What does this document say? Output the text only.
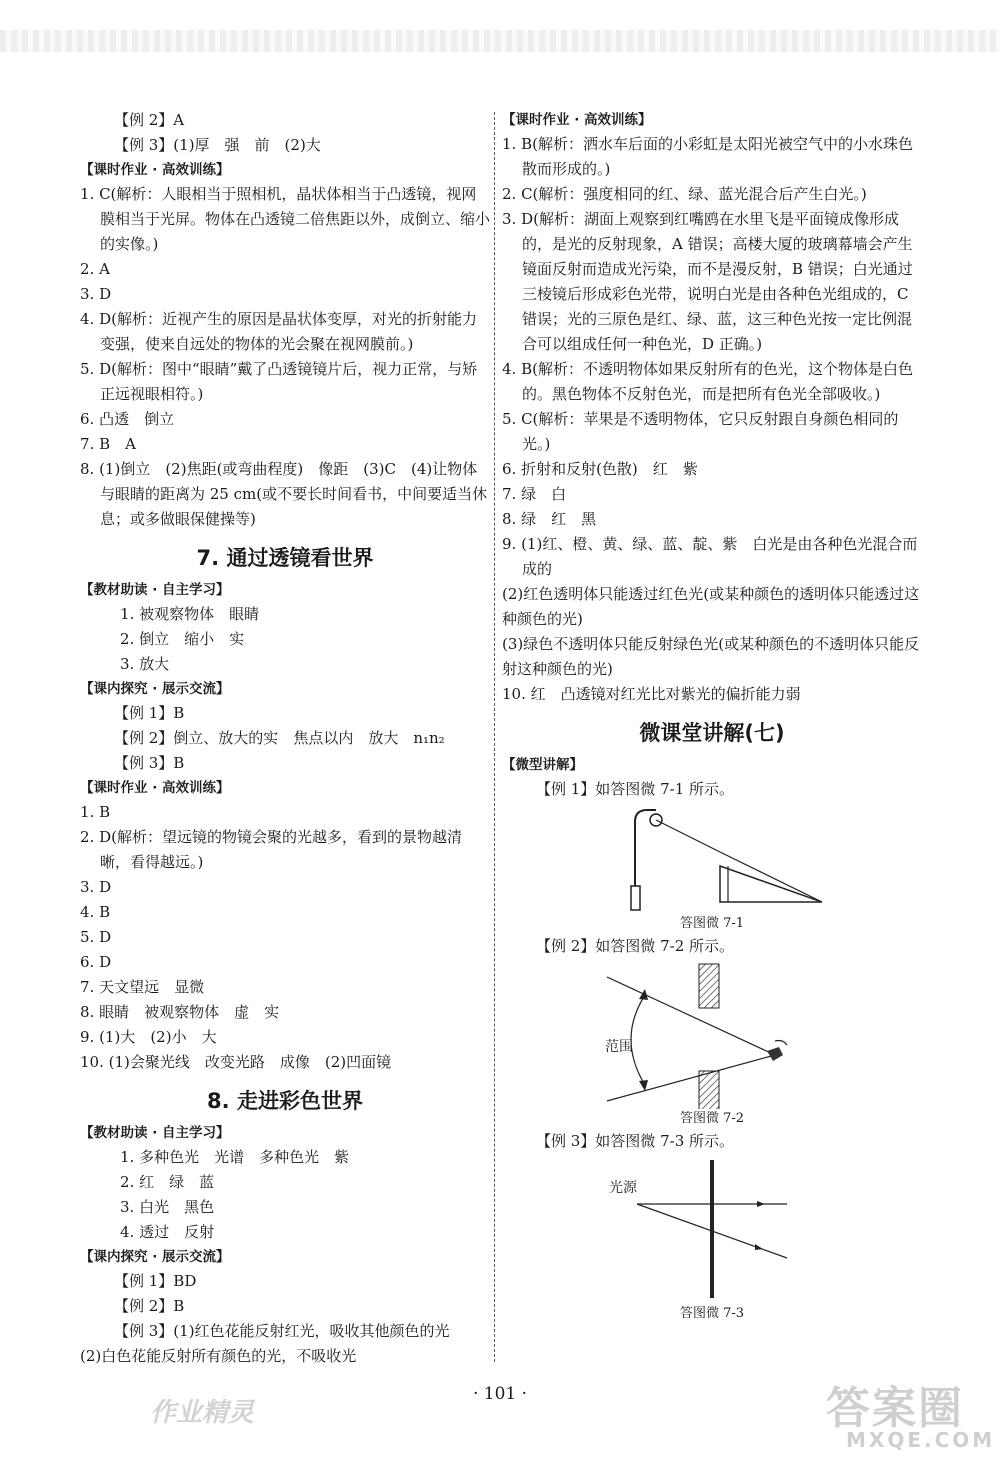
【例 2】A
【例 3】(1)厚　强　前　(2)大
【课时作业 · 高效训练】
1. C(解析：人眼相当于照相机，晶状体相当于凸透镜，视网膜相当于光屏。物体在凸透镜二倍焦距以外，成倒立、缩小的实像。)
2. A
3. D
4. D(解析：近视产生的原因是晶状体变厚，对光的折射能力变强，使来自远处的物体的光会聚在视网膜前。)
5. D(解析：图中“眼睛”戴了凸透镜镜片后，视力正常，与矫正远视眼相符。)
6. 凸透　倒立
7. B　A
8. (1)倒立　(2)焦距(或弯曲程度)　像距　(3)C　(4)让物体与眼睛的距离为 25 cm(或不要长时间看书，中间要适当休息；或多做眼保健操等)
7. 通过透镜看世界
【教材助读 · 自主学习】
1. 被观察物体　眼睛
2. 倒立　缩小　实
3. 放大
【课内探究 · 展示交流】
【例 1】B
【例 2】倒立、放大的实　焦点以内　放大　n₁n₂
【例 3】B
【课时作业 · 高效训练】
1. B
2. D(解析：望远镜的物镜会聚的光越多，看到的景物越清晰，看得越远。)
3. D
4. B
5. D
6. D
7. 天文望远　显微
8. 眼睛　被观察物体　虚　实
9. (1)大　(2)小　大
10. (1)会聚光线　改变光路　成像　(2)凹面镜
8. 走进彩色世界
【教材助读 · 自主学习】
1. 多种色光　光谱　多种色光　紫
2. 红　绿　蓝
3. 白光　黑色
4. 透过　反射
【课内探究 · 展示交流】
【例 1】BD
【例 2】B
【例 3】(1)红色花能反射红光，吸收其他颜色的光
(2)白色花能反射所有颜色的光，不吸收光
【课时作业 · 高效训练】
1. B(解析：洒水车后面的小彩虹是太阳光被空气中的小水珠色散而形成的。)
2. C(解析：强度相同的红、绿、蓝光混合后产生白光。)
3. D(解析：湖面上观察到红嘴鸥在水里飞是平面镜成像形成的，是光的反射现象，A 错误；高楼大厦的玻璃幕墙会产生镜面反射而造成光污染，而不是漫反射，B 错误；白光通过三棱镜后形成彩色光带，说明白光是由各种色光组成的，C 错误；光的三原色是红、绿、蓝，这三种色光按一定比例混合可以组成任何一种色光，D 正确。)
4. B(解析：不透明物体如果反射所有的色光，这个物体是白色的。黑色物体不反射色光，而是把所有色光全部吸收。)
5. C(解析：苹果是不透明物体，它只反射跟自身颜色相同的光。)
6. 折射和反射(色散)　红　紫
7. 绿　白
8. 绿　红　黑
9. (1)红、橙、黄、绿、蓝、靛、紫　白光是由各种色光混合而成的
(2)红色透明体只能透过红色光(或某种颜色的透明体只能透过这种颜色的光)
(3)绿色不透明体只能反射绿色光(或某种颜色的不透明体只能反射这种颜色的光)
10. 红　凸透镜对红光比对紫光的偏折能力弱
微课堂讲解(七)
【微型讲解】
【例 1】如答图微 7-1 所示。
答图微 7-1
【例 2】如答图微 7-2 所示。
范围
答图微 7-2
【例 3】如答图微 7-3 所示。
光源
答图微 7-3
· 101 ·
作业精灵	答案圈
MXQE.COM
